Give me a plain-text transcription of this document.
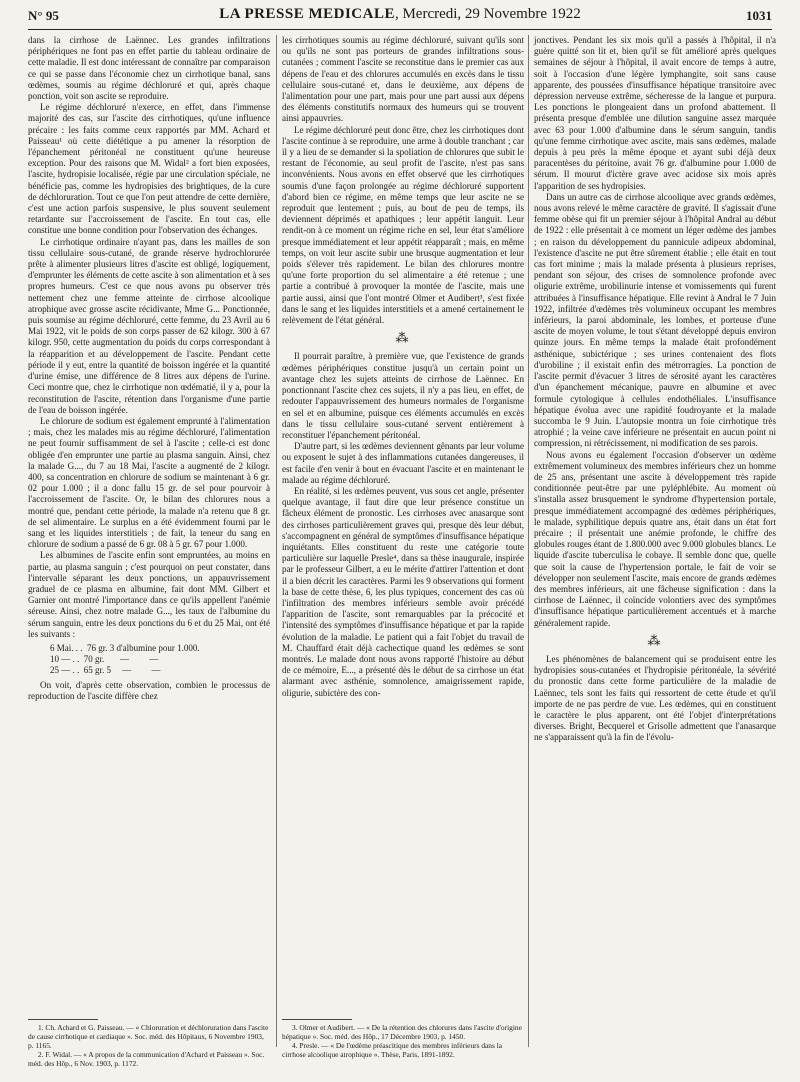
N° 95	LA PRESSE MEDICALE, Mercredi, 29 Novembre 1922	1031

dans la cirrhose de Laënnec. Les grandes infiltrations périphériques ne font pas en effet partie du tableau ordinaire de cette maladie. Il est donc intéressant de connaître par comparaison ce qui se passe dans l'économie chez un cirrhotique banal, sans œdèmes, soumis au régime déchloruré et qui, après chaque ponction, voit son ascite se reproduire.

Le régime déchloruré n'exerce, en effet, dans l'immense majorité des cas, sur l'ascite des cirrhotiques, qu'une influence précaire : les faits comme ceux rapportés par MM. Achard et Paisseau¹ où cette diététique a pu amener la résorption de l'épanchement péritonéal ne constituent qu'une heureuse exception. Pour des raisons que M. Widal² a fort bien exposées, l'ascite, hydropisie localisée, régie par une circulation spéciale, ne bénéficie pas, comme les hydropisies des brightiques, de la cure de déchloruration. Tout ce que l'on peut attendre de cette dernière, c'est une action parfois suspensive, le plus souvent seulement retardante sur l'accroissement de l'ascite. En tout cas, elle constitue une bonne condition pour l'observation des échanges.

Le cirrhotique ordinaire n'ayant pas, dans les mailles de son tissu cellulaire sous-cutané, de grande réserve hydrochlorurée prête à alimenter plusieurs litres d'ascite est obligé, logiquement, d'emprunter les éléments de cette ascite à son alimentation et à ses propres humeurs. C'est ce que nous avons pu observer très nettement chez une femme atteinte de cirrhose alcoolique atrophique avec grosse ascite récidivante, Mme G... Ponctionnée, puis soumise au régime déchloruré, cette femme, du 23 Avril au 6 Mai 1922, vit le poids de son corps passer de 62 kilogr. 300 à 67 kilogr. 950, cette augmentation du poids du corps correspondant à la réapparition et au développement de l'ascite. Pendant cette période il y eut, entre la quantité de boisson ingérée et la quantité d'urine émise, une différence de 8 litres aux dépens de l'urine. Ceci montre que, chez le cirrhotique non œdématié, il y a, pour la reconstitution de l'ascite, rétention dans l'organisme d'une partie de l'eau de boisson ingérée.

Le chlorure de sodium est également emprunté à l'alimentation ; mais, chez les malades mis au régime déchloruré, l'alimentation ne peut fournir suffisamment de sel à l'ascite ; celle-ci est donc obligée d'en emprunter une partie au plasma sanguin. Ainsi, chez la malade G..., du 7 au 18 Mai, l'ascite a augmenté de 2 kilogr. 400, sa concentration en chlorure de sodium se maintenant à 6 gr. 02 pour 1.000 ; il a donc fallu 15 gr. de sel pour pourvoir à l'accroissement de l'ascite. Or, le bilan des chlorures nous a montré que, pendant cette période, la malade n'a retenu que 8 gr. de sel alimentaire. Le surplus en a été évidemment fourni par le sang et les liquides interstitiels ; de fait, la teneur du sang en chlorure de sodium a passé de 6 gr. 08 à 5 gr. 67 pour 1.000.

Les albumines de l'ascite enfin sont empruntées, au moins en partie, au plasma sanguin ; c'est pourquoi on peut constater, dans l'intervalle séparant les deux ponctions, un appauvrissement graduel de ce plasma en albumine, fait dont MM. Gilbert et Garnier ont montré l'importance dans ce qu'ils appellent l'anémie séreuse. Ainsi, chez notre malade G..., les taux de l'albumine du sérum sanguin, entre les deux ponctions du 6 et du 25 Mai, ont été les suivants :

6 Mai. . .  76 gr. 3 d'albumine pour 1.000.
10 — . .  70 gr.       —         —
25 — . .  65 gr. 5     —         —

On voit, d'après cette observation, combien le processus de reproduction de l'ascite diffère chez

les cirrhotiques soumis au régime déchloruré, suivant qu'ils sont ou qu'ils ne sont pas porteurs de grandes infiltrations sous-cutanées ; comment l'ascite se reconstitue dans le premier cas aux dépens de l'eau et des chlorures accumulés en excès dans le tissu cellulaire sous-cutané et, dans le deuxième, aux dépens de l'alimentation pour une part, mais pour une part aussi aux dépens des éléments constitutifs normaux des humeurs qui se trouvent ainsi appauvries.

Le régime déchloruré peut donc être, chez les cirrhotiques dont l'ascite continue à se reproduire, une arme à double tranchant ; car il y a lieu de se demander si la spoliation de chlorures que subit le restant de l'économie, au seul profit de l'ascite, n'est pas sans inconvénients. Nous avons en effet observé que les cirrhotiques soumis d'une façon prolongée au régime déchloruré supportent d'abord bien ce régime, en même temps que leur ascite ne se reproduit que lentement ; puis, au bout de peu de temps, ils deviennent déprimés et apathiques ; leur appétit languit. Leur rendit-on à ce moment un régime riche en sel, leur état s'améliore presque immédiatement et leur appétit réapparaît ; mais, en même temps, on voit leur ascite subir une brusque augmentation et leur poids s'élever très rapidement. Le bilan des chlorures montre qu'une forte proportion du sel alimentaire a été retenue ; une partie a contribué à provoquer la montée de l'ascite, mais une partie aussi, ainsi que l'ont montré Olmer et Audibert³, s'est fixée dans le sang et les liquides interstitiels et a amené certainement le relèvement de l'état général.

⁂

Il pourrait paraître, à première vue, que l'existence de grands œdèmes périphériques constitue jusqu'à un certain point un avantage chez les sujets atteints de cirrhose de Laënnec. En ponctionnant l'ascite chez ces sujets, il n'y a pas lieu, en effet, de redouter l'appauvrissement des humeurs normales de l'organisme en sel et en albumine, puisque ces éléments accumulés en excès dans le tissu cellulaire sous-cutané servent entièrement à reconstituer l'épanchement péritonéal.

D'autre part, si les œdèmes deviennent gênants par leur volume ou exposent le sujet à des inflammations cutanées dangereuses, il est facile d'en venir à bout en évacuant l'ascite et en maintenant le malade au régime déchloruré.

En réalité, si les œdèmes peuvent, vus sous cet angle, présenter quelque avantage, il faut dire que leur présence constitue un fâcheux élément de pronostic. Les cirrhoses avec anasarque sont des cirrhoses particulièrement graves qui, presque dès leur début, s'accompagnent en général de symptômes d'insuffisance hépatique inquiétants. Elles constituent du reste une catégorie toute particulière sur laquelle Presle⁴, dans sa thèse inaugurale, inspirée par le professeur Gilbert, a eu le mérite d'attirer l'attention et dont il a bien décrit les caractères. Parmi les 9 observations qui forment la base de cette thèse, 6, les plus typiques, concernent des cas où l'infiltration des membres inférieurs semble avoir précédé l'apparition de l'ascite, sont remarquables par la précocité et l'intensité des symptômes d'insuffisance hépatique et par la rapide évolution de la maladie. Le patient qui a fait l'objet du travail de M. Chauffard était déjà cachectique quand les œdèmes se sont montrés. Le malade dont nous avons rapporté l'histoire au début de ce mémoire, E..., a présenté dès le début de sa cirrhose un état alarmant avec asthénie, somnolence, amaigrissement rapide, oligurie, subictère des con-

jonctives. Pendant les six mois qu'il a passés à l'hôpital, il n'a guère quitté son lit et, bien qu'il se fût amélioré après quelques semaines de séjour à l'hôpital, il avait encore de temps à autre, soit à l'occasion d'une légère lymphangite, soit sans cause apparente, des poussées d'insuffisance hépatique transitoire avec dépression nerveuse extrême, sécheresse de la langue et purpura. Les ponctions le plongeaient dans un profond abattement. Il présenta presque d'emblée une dilution sanguine assez marquée avec 63 pour 1.000 d'albumine dans le sérum sanguin, tandis qu'une femme cirrhotique avec ascite, mais sans œdèmes, malade depuis à peu près la même époque et ayant subi déjà deux paracentèses du péritoine, avait 76 gr. d'albumine pour 1.000 de sérum. Il mourut d'ictère grave avec acidose six mois après l'apparition de ses hydropisies.

Dans un autre cas de cirrhose alcoolique avec grands œdèmes, nous avons relevé le même caractère de gravité. Il s'agissait d'une femme obèse qui fit un premier séjour à l'hôpital Andral au début de 1922 : elle présentait à ce moment un léger œdème des jambes ; en raison du développement du pannicule adipeux abdominal, l'existence d'ascite ne put être sûrement établie ; elle était en tout cas fort minime ; mais la malade présenta à plusieurs reprises, pendant son séjour, des crises de somnolence profonde avec oligurie extrême, urobilinurie intense et vomissements qui furent attribuées à l'insuffisance hépatique. Elle revint à Andral le 7 Juin 1922, infiltrée d'œdèmes très volumineux occupant les membres inférieurs, la paroi abdominale, les lombes, et porteuse d'une ascite de moyen volume, le tout s'étant développé depuis environ quinze jours. En même temps la malade était profondément asthénique, subictérique ; ses urines contenaient des flots d'urobiline ; il existait enfin des métrorragies. La ponction de l'ascite permit d'évacuer 3 litres de sérosité ayant les caractères d'un épanchement mécanique, pauvre en albumine et avec formule cytologique à cellules endothéliales. L'insuffisance hépatique évolua avec une rapidité foudroyante et la malade succomba le 9 Juin. L'autopsie montra un foie cirrhotique très atrophié ; la veine cave inférieure ne présentait en aucun point ni compression, ni rétrécissement, ni modification de ses parois.

Nous avons eu également l'occasion d'observer un œdème extrêmement volumineux des membres inférieurs chez un homme de 25 ans, présentant une ascite à développement très rapide conditionnée peut-être par une pyléphlébite. Au moment où s'installa assez brusquement le syndrome d'hypertension portale, presque immédiatement accompagné des œdèmes périphériques, le malade, syphilitique depuis quatre ans, était dans un état fort précaire ; il présentait une anémie profonde, le chiffre des globules rouges étant de 1.800.000 avec 9.000 globules blancs. Le liquide d'ascite tuberculisa le cobaye. Il semble donc que, quelle que soit la cause de l'hypertension portale, le fait de voir se développer non seulement l'ascite, mais encore de grands œdèmes des membres inférieurs, ait une fâcheuse signification : dans la cirrhose de Laënnec, il coïncide volontiers avec des symptômes d'insuffisance hépatique particulièrement accentués et à marche généralement rapide.

⁂

Les phénomènes de balancement qui se produisent entre les hydropisies sous-cutanées et l'hydropisie péritonéale, la sévérité du pronostic dans cette forme particulière de la maladie de Laënnec, tels sont les faits qui ressortent de cette étude et qu'il importe de ne pas perdre de vue. Les œdèmes, qui en constituent le caractère le plus apparent, ont été l'objet d'interprétations diverses. Bright, Becquerel et Grisolle admettent que l'anasarque ne s'apparaissent qu'à la fin de l'évolu-

1. Ch. Achard et G. Paisseau. — « Chloruration et déchloruration dans l'ascite de cause cirrhotique et cardiaque ». Soc. méd. des Hôpitaux, 6 Novembre 1903, p. 1165.

2. F. Widal. — « A propos de la communication d'Achard et Paisseau ». Soc. méd. des Hôp., 6 Nov. 1903, p. 1172.

3. Olmer et Audibert. — « De la rétention des chlorures dans l'ascite d'origine hépatique ». Soc. méd. des Hôp., 17 Décembre 1903, p. 1450.

4. Presle. — « De l'œdème préascitique des membres inférieurs dans la cirrhose alcoolique atrophique ». Thèse, Paris, 1891-1892.
